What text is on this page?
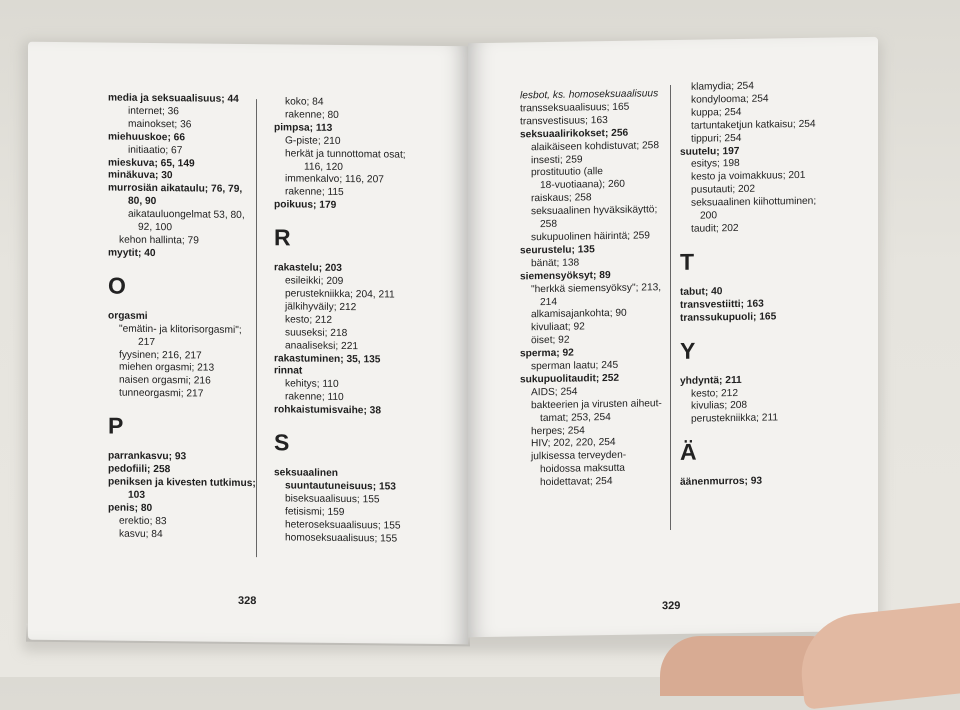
media ja seksuaalisuus; 44
internet; 36
mainokset; 36
miehuuskoe; 66
initiaatio; 67
mieskuva; 65, 149
minäkuva; 30
murrosiän aikataulu; 76, 79,
80, 90
aikatauluongelmat 53, 80,
92, 100
kehon hallinta; 79
myytit; 40
O
orgasmi
"emätin- ja klitorisorgasmi";
217
fyysinen; 216, 217
miehen orgasmi; 213
naisen orgasmi; 216
tunneorgasmi; 217
P
parrankasvu; 93
pedofiili; 258
peniksen ja kivesten tutkimus;
103
penis; 80
erektio; 83
kasvu; 84
koko; 84
rakenne; 80
pimpsa; 113
G-piste; 210
herkät ja tunnottomat osat;
116, 120
immenkalvo; 116, 207
rakenne; 115
poikuus; 179
R
rakastelu; 203
esileikki; 209
perustekniikka; 204, 211
jälkihyväily; 212
kesto; 212
suuseksi; 218
anaaliseksi; 221
rakastuminen; 35, 135
rinnat
kehitys; 110
rakenne; 110
rohkaistumisvaihe; 38
S
seksuaalinen
suuntautuneisuus; 153
biseksuaalisuus; 155
fetisismi; 159
heteroseksuaalisuus; 155
homoseksuaalisuus; 155
328
lesbot, ks. homoseksuaalisuus
transseksuaalisuus; 165
transvestisuus; 163
seksuaalirikokset; 256
alaikäiseen kohdistuvat; 258
insesti; 259
prostituutio (alle
18-vuotiaana); 260
raiskaus; 258
seksuaalinen hyväksikäyttö;
258
sukupuolinen häirintä; 259
seurustelu; 135
bänät; 138
siemensyöksyt; 89
"herkkä siemensyöksy"; 213,
214
alkamisajankohta; 90
kivuliaat; 92
öiset; 92
sperma; 92
sperman laatu; 245
sukupuolitaudit; 252
AIDS; 254
bakteerien ja virusten aiheut-
tamat; 253, 254
herpes; 254
HIV; 202, 220, 254
julkisessa terveyden-
hoidossa maksutta
hoidettavat; 254
klamydia; 254
kondylooma; 254
kuppa; 254
tartuntaketjun katkaisu; 254
tippuri; 254
suutelu; 197
esitys; 198
kesto ja voimakkuus; 201
pusutauti; 202
seksuaalinen kiihottuminen;
200
taudit; 202
T
tabut; 40
transvestiitti; 163
transsukupuoli; 165
Y
yhdyntä; 211
kesto; 212
kivulias; 208
perustekniikka; 211
Ä
äänenmurros; 93
329
